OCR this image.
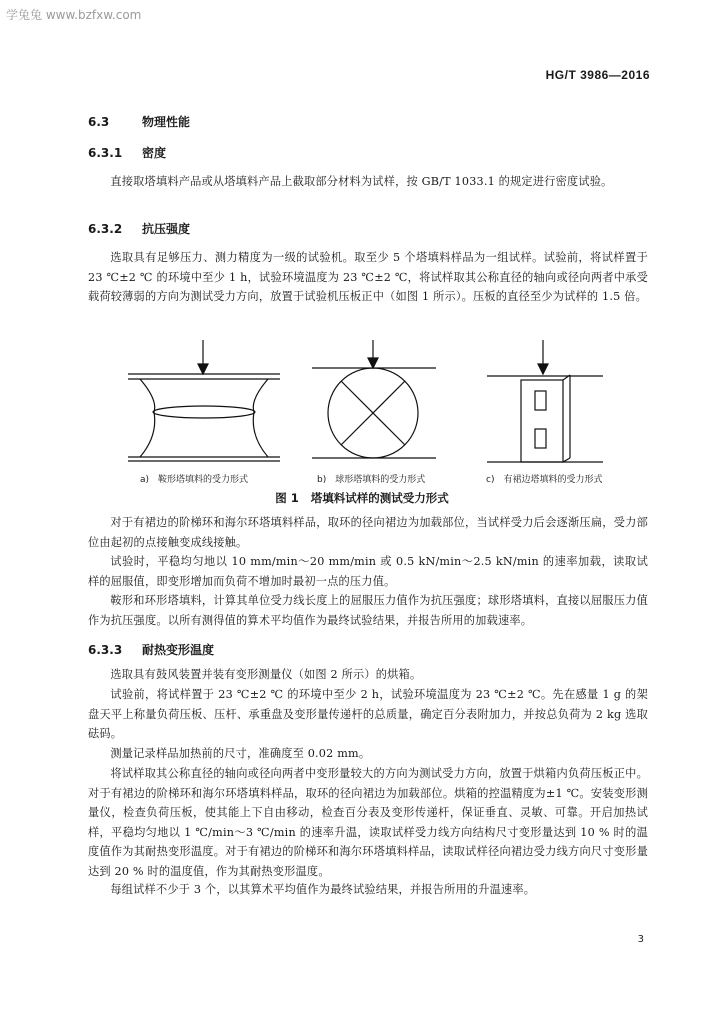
学兔兔 www.bzfxw.com
HG/T 3986—2016
6.3	物理性能
6.3.1 密度
直接取塔填料产品或从塔填料产品上截取部分材料为试样，按 GB/T 1033.1 的规定进行密度试验。
6.3.2 抗压强度
选取具有足够压力、测力精度为一级的试验机。取至少 5 个塔填料样品为一组试样。试验前，将试样置于 23 ℃±2 ℃ 的环境中至少 1 h，试验环境温度为 23 ℃±2 ℃，将试样取其公称直径的轴向或径向两者中承受载荷较薄弱的方向为测试受力方向，放置于试验机压板正中（如图 1 所示）。压板的直径至少为试样的 1.5 倍。
a)　鞍形塔填料的受力形式	b)　球形塔填料的受力形式	c)　有裙边塔填料的受力形式
图 1 塔填料试样的测试受力形式
对于有裙边的阶梯环和海尔环塔填料样品，取环的径向裙边为加载部位，当试样受力后会逐渐压扁，受力部位由起初的点接触变成线接触。
试验时，平稳均匀地以 10 mm/min～20 mm/min 或 0.5 kN/min～2.5 kN/min 的速率加载，读取试样的屈服值，即变形增加而负荷不增加时最初一点的压力值。
鞍形和环形塔填料，计算其单位受力线长度上的屈服压力值作为抗压强度；球形塔填料，直接以屈服压力值作为抗压强度。以所有测得值的算术平均值作为最终试验结果，并报告所用的加载速率。
6.3.3 耐热变形温度
选取具有鼓风装置并装有变形测量仪（如图 2 所示）的烘箱。
试验前，将试样置于 23 ℃±2 ℃ 的环境中至少 2 h，试验环境温度为 23 ℃±2 ℃。先在感量 1 g 的架盘天平上称量负荷压板、压杆、承重盘及变形量传递杆的总质量，确定百分表附加力，并按总负荷为 2 kg 选取砝码。
测量记录样品加热前的尺寸，准确度至 0.02 mm。
将试样取其公称直径的轴向或径向两者中变形量较大的方向为测试受力方向，放置于烘箱内负荷压板正中。对于有裙边的阶梯环和海尔环塔填料样品，取环的径向裙边为加载部位。烘箱的控温精度为±1 ℃。安装变形测量仪，检查负荷压板，使其能上下自由移动，检查百分表及变形传递杆，保证垂直、灵敏、可靠。开启加热试样，平稳均匀地以 1 ℃/min～3 ℃/min 的速率升温，读取试样受力线方向结构尺寸变形量达到 10 % 时的温度值作为其耐热变形温度。对于有裙边的阶梯环和海尔环塔填料样品，读取试样径向裙边受力线方向尺寸变形量达到 20 % 时的温度值，作为其耐热变形温度。
每组试样不少于 3 个，以其算术平均值作为最终试验结果，并报告所用的升温速率。
3
